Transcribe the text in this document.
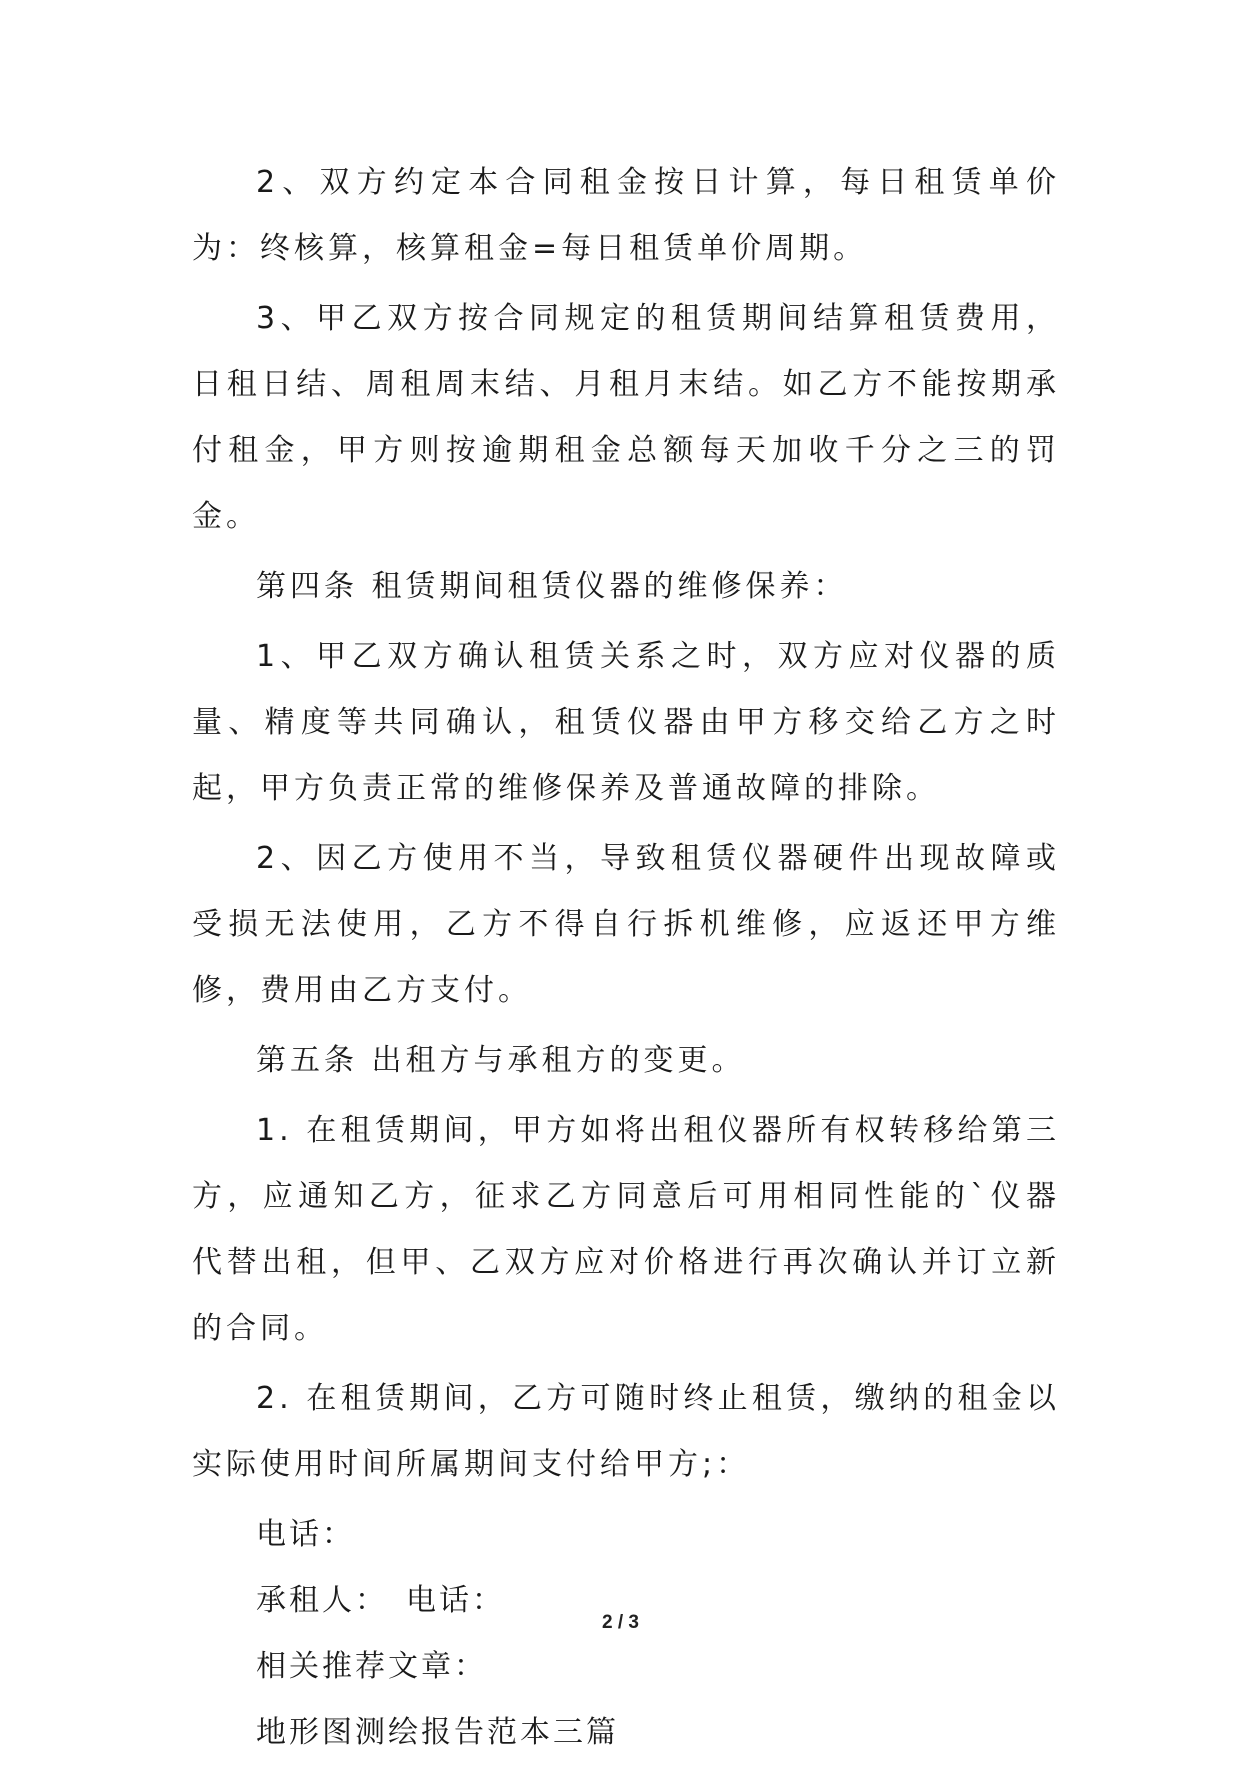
2、双方约定本合同租金按日计算，每日租赁单价为：终核算，核算租金=每日租赁单价周期。

3、甲乙双方按合同规定的租赁期间结算租赁费用，日租日结、周租周末结、月租月末结。如乙方不能按期承付租金，甲方则按逾期租金总额每天加收千分之三的罚金。

第四条 租赁期间租赁仪器的维修保养：

1、甲乙双方确认租赁关系之时，双方应对仪器的质量、精度等共同确认，租赁仪器由甲方移交给乙方之时起，甲方负责正常的维修保养及普通故障的排除。

2、因乙方使用不当，导致租赁仪器硬件出现故障或受损无法使用，乙方不得自行拆机维修，应返还甲方维修，费用由乙方支付。

第五条 出租方与承租方的变更。

1. 在租赁期间，甲方如将出租仪器所有权转移给第三方，应通知乙方，征求乙方同意后可用相同性能的`仪器代替出租，但甲、乙双方应对价格进行再次确认并订立新的合同。

2. 在租赁期间，乙方可随时终止租赁，缴纳的租金以实际使用时间所属期间支付给甲方;：

电话：

承租人：　电话：

相关推荐文章：

地形图测绘报告范本三篇

2 / 3
